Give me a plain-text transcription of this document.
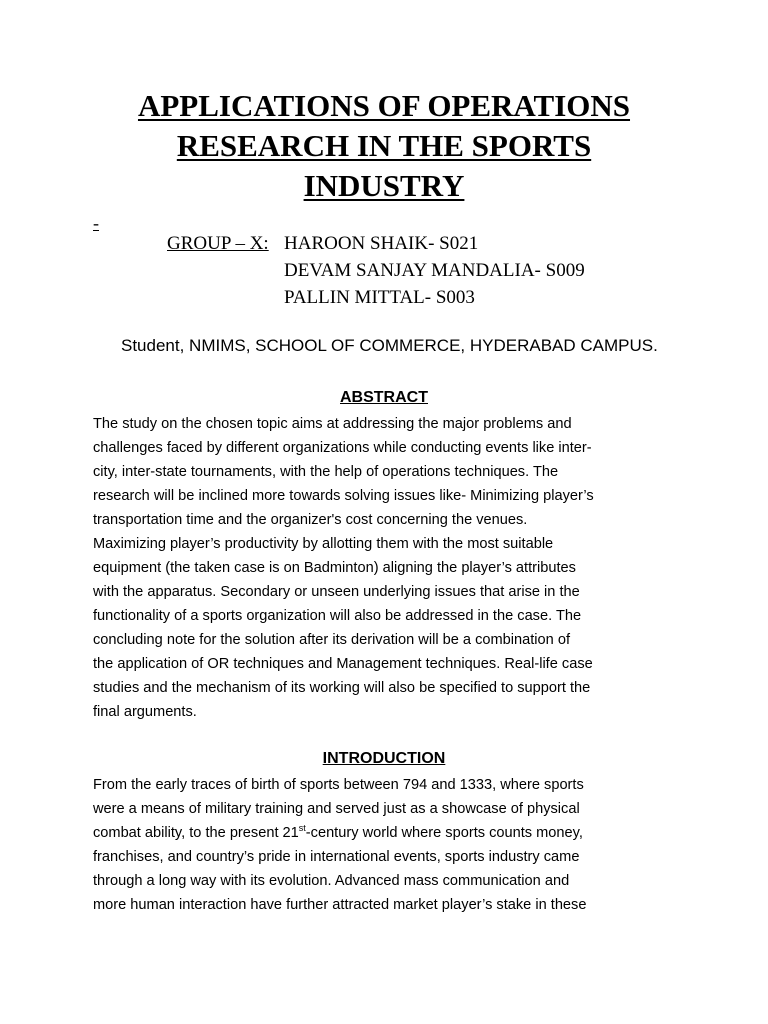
APPLICATIONS OF OPERATIONS
RESEARCH IN THE SPORTS
INDUSTRY
-
GROUP – X: HAROON SHAIK- S021
DEVAM SANJAY MANDALIA- S009
PALLIN MITTAL- S003
Student, NMIMS, SCHOOL OF COMMERCE, HYDERABAD CAMPUS.
ABSTRACT
The study on the chosen topic aims at addressing the major problems and
challenges faced by different organizations while conducting events like inter-
city, inter-state tournaments, with the help of operations techniques. The
research will be inclined more towards solving issues like- Minimizing player’s
transportation time and the organizer's cost concerning the venues.
Maximizing player’s productivity by allotting them with the most suitable
equipment (the taken case is on Badminton) aligning the player’s attributes
with the apparatus. Secondary or unseen underlying issues that arise in the
functionality of a sports organization will also be addressed in the case. The
concluding note for the solution after its derivation will be a combination of
the application of OR techniques and Management techniques. Real-life case
studies and the mechanism of its working will also be specified to support the
final arguments.
INTRODUCTION
From the early traces of birth of sports between 794 and 1333, where sports
were a means of military training and served just as a showcase of physical
combat ability, to the present 21st-century world where sports counts money,
franchises, and country’s pride in international events, sports industry came
through a long way with its evolution. Advanced mass communication and
more human interaction have further attracted market player’s stake in these
